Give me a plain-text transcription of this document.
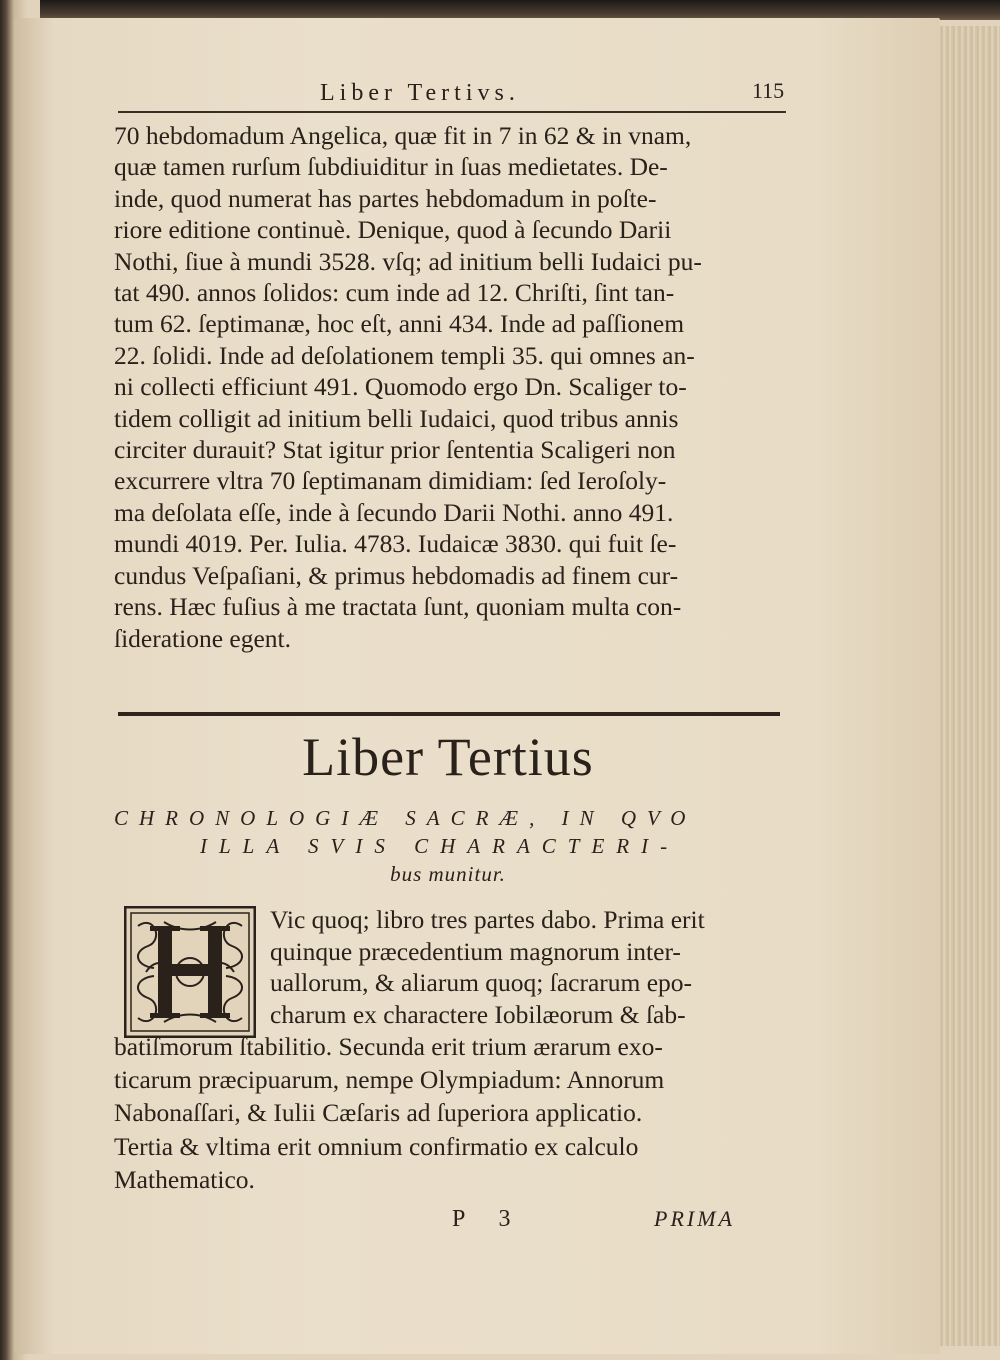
Liber Tertivs.	115
70 hebdomadum Angelica, quæ fit in 7 in 62 & in vnam,
quæ tamen rurſum ſubdiuiditur in ſuas medietates. De-
inde, quod numerat has partes hebdomadum in poſte-
riore editione continuè. Denique, quod à ſecundo Darii
Nothi, ſiue à mundi 3528. vſq; ad initium belli Iudaici pu-
tat 490. annos ſolidos: cum inde ad 12. Chriſti, ſint tan-
tum 62. ſeptimanæ, hoc eſt, anni 434. Inde ad paſſionem
22. ſolidi. Inde ad deſolationem templi 35. qui omnes an-
ni collecti efficiunt 491. Quomodo ergo Dn. Scaliger to-
tidem colligit ad initium belli Iudaici, quod tribus annis
circiter durauit? Stat igitur prior ſententia Scaligeri non
excurrere vltra 70 ſeptimanam dimidiam: ſed Ieroſoly-
ma deſolata eſſe, inde à ſecundo Darii Nothi. anno 491.
mundi 4019. Per. Iulia. 4783. Iudaicæ 3830. qui fuit ſe-
cundus Veſpaſiani, & primus hebdomadis ad finem cur-
rens. Hæc fuſius à me tractata ſunt, quoniam multa con-
ſideratione egent.
Liber Tertius
CHRONOLOGIÆ SACRÆ, IN QVO
ILLA SVIS CHARACTERI-
bus munitur.
Vic quoq; libro tres partes dabo. Prima erit
quinque præcedentium magnorum inter-
uallorum, & aliarum quoq; ſacrarum epo-
charum ex charactere Iobilæorum & ſab-
batiſmorum ſtabilitio. Secunda erit trium ærarum exo-
ticarum præcipuarum, nempe Olympiadum: Annorum
Nabonaſſari, & Iulii Cæſaris ad ſuperiora applicatio.
Tertia & vltima erit omnium confirmatio ex calculo
Mathematico.
P 3	PRIMA
